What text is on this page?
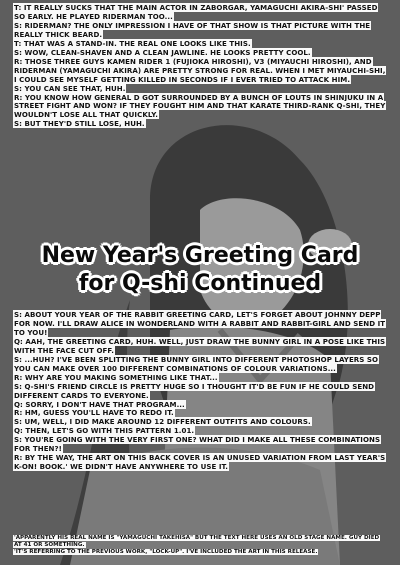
T: IT REALLY SUCKS THAT THE MAIN ACTOR IN ZABORGAR, YAMAGUCHI AKIRA-SHI' PASSED SO EARLY. HE PLAYED RIDERMAN TOO...
S: RIDERMAN? THE ONLY IMPRESSION I HAVE OF THAT SHOW IS THAT PICTURE WITH THE REALLY THICK BEARD.
T: THAT WAS A STAND-IN. THE REAL ONE LOOKS LIKE THIS.
S: WOW, CLEAN-SHAVEN AND A CLEAN JAWLINE. HE LOOKS PRETTY COOL.
R: THOSE THREE GUYS KAMEN RIDER 1 (FUJIOKA HIROSHI), V3 (MIYAUCHI HIROSHI), AND RIDERMAN (YAMAGUCHI AKIRA) ARE PRETTY STRONG FOR REAL. WHEN I MET MIYAUCHI-SHI, I COULD SEE MYSELF GETTING KILLED IN SECONDS IF I EVER TRIED TO ATTACK HIM.
S: YOU CAN SEE THAT, HUH.
R: YOU KNOW HOW GENERAL D GOT SURROUNDED BY A BUNCH OF LOUTS IN SHINJUKU IN A STREET FIGHT AND WON? IF THEY FOUGHT HIM AND THAT KARATE THIRD-RANK Q-SHI, THEY WOULDN'T LOSE ALL THAT QUICKLY.
S: BUT THEY'D STILL LOSE, HUH.
New Year's Greeting Card
for Q-shi Continued
S: ABOUT YOUR YEAR OF THE RABBIT GREETING CARD, LET'S FORGET ABOUT JOHNNY DEPP FOR NOW. I'LL DRAW ALICE IN WONDERLAND WITH A RABBIT AND RABBIT-GIRL AND SEND IT TO YOU!
Q: AAH, THE GREETING CARD, HUH. WELL, JUST DRAW THE BUNNY GIRL IN A POSE LIKE THIS WITH THE FACE CUT OFF.
S: ...HUH? I'VE BEEN SPLITTING THE BUNNY GIRL INTO DIFFERENT PHOTOSHOP LAYERS SO YOU CAN MAKE OVER 100 DIFFERENT COMBINATIONS OF COLOUR VARIATIONS...
R: WHY ARE YOU MAKING SOMETHING LIKE THAT...
S: Q-SHI'S FRIEND CIRCLE IS PRETTY HUGE SO I THOUGHT IT'D BE FUN IF HE COULD SEND DIFFERENT CARDS TO EVERYONE.
Q: SORRY, I DON'T HAVE THAT PROGRAM...
R: HM, GUESS YOU'LL HAVE TO REDO IT.
S: UM, WELL, I DID MAKE AROUND 12 DIFFERENT OUTFITS AND COLOURS.
Q: THEN, LET'S GO WITH THIS PATTERN 1.01.
S: YOU'RE GOING WITH THE VERY FIRST ONE? WHAT DID I MAKE ALL THESE COMBINATIONS FOR THEN?!
R: BY THE WAY, THE ART ON THIS BACK COVER IS AN UNUSED VARIATION FROM LAST YEAR'S K-ON! BOOK.' WE DIDN'T HAVE ANYWHERE TO USE IT.
'APPARENTLY HIS REAL NAME IS "YAMAGUCHI TAKEHISA" BUT THE TEXT HERE USES AN OLD STAGE NAME. GUY DIED AT 41 OR SOMETHING.
'IT'S REFERRING TO THE PREVIOUS WORK, "LOCK-UP". I'VE INCLUDED THE ART IN THIS RELEASE.
